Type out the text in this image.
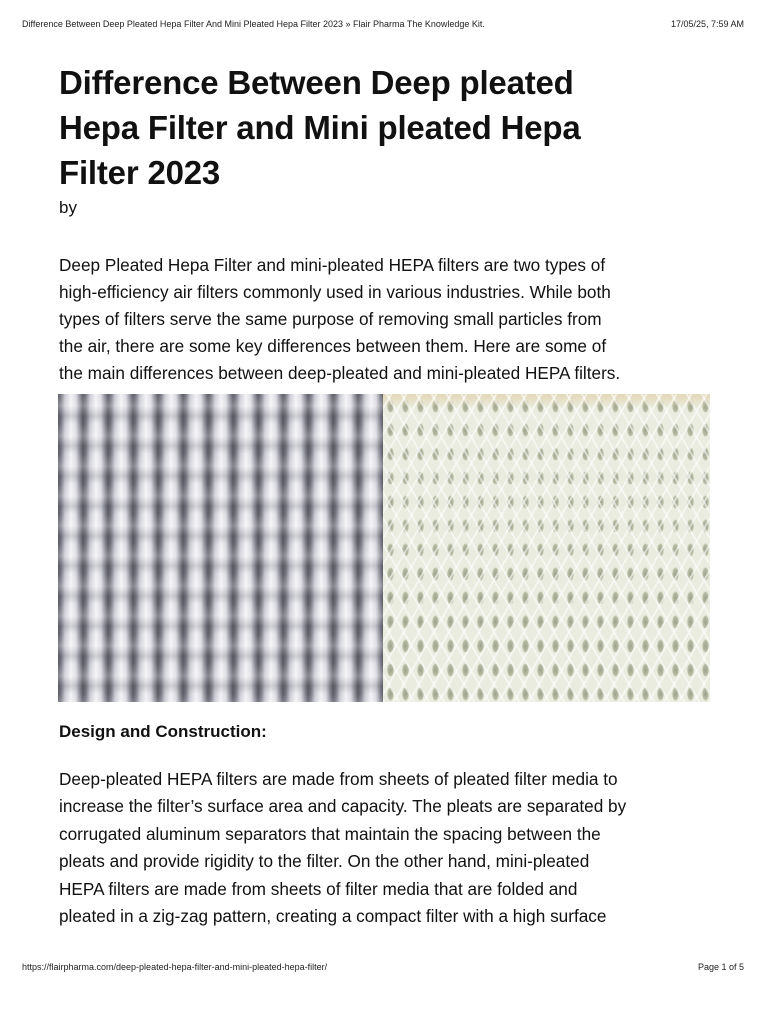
Difference Between Deep Pleated Hepa Filter And Mini Pleated Hepa Filter 2023 » Flair Pharma The Knowledge Kit.	17/05/25, 7:59 AM
Difference Between Deep pleated
Hepa Filter and Mini pleated Hepa
Filter 2023
by

Deep Pleated Hepa Filter and mini-pleated HEPA filters are two types of
high-efficiency air filters commonly used in various industries. While both
types of filters serve the same purpose of removing small particles from
the air, there are some key differences between them. Here are some of
the main differences between deep-pleated and mini-pleated HEPA filters.

Design and Construction:

Deep-pleated HEPA filters are made from sheets of pleated filter media to
increase the filter’s surface area and capacity. The pleats are separated by
corrugated aluminum separators that maintain the spacing between the
pleats and provide rigidity to the filter. On the other hand, mini-pleated
HEPA filters are made from sheets of filter media that are folded and
pleated in a zig-zag pattern, creating a compact filter with a high surface

https://flairpharma.com/deep-pleated-hepa-filter-and-mini-pleated-hepa-filter/	Page 1 of 5
